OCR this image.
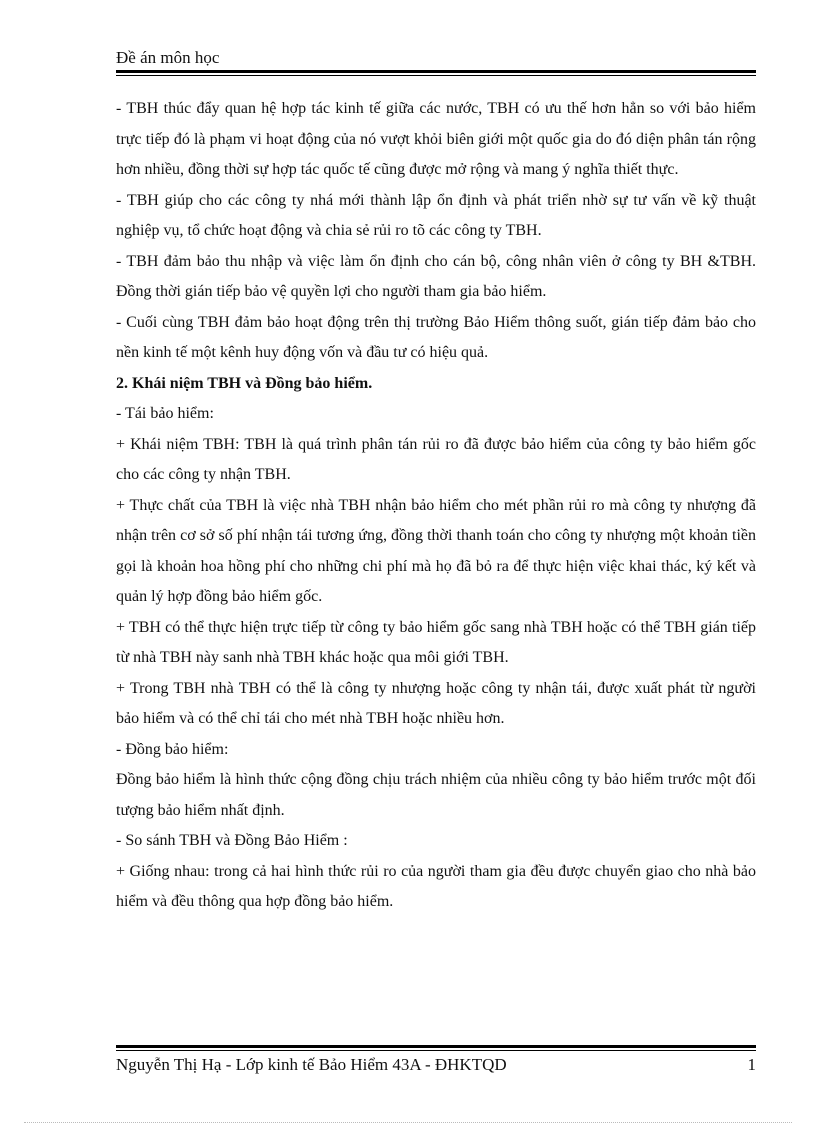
Đề án môn học

- TBH thúc đẩy quan hệ hợp tác kinh tế giữa các nước, TBH có ưu thế hơn hẳn so với bảo hiểm trực tiếp đó là phạm vi hoạt động của nó vượt khỏi biên giới một quốc gia do đó diện phân tán rộng hơn nhiều, đồng thời sự hợp tác quốc tế cũng được mở rộng và mang ý nghĩa thiết thực.

- TBH giúp cho các công ty nhá mới thành lập ổn định và phát triển nhờ sự tư vấn về kỹ thuật nghiệp vụ, tổ chức hoạt động và chia sẻ rủi ro tõ các công ty TBH.

- TBH đảm bảo thu nhập và việc làm ổn định cho cán bộ, công nhân viên ở công ty BH &TBH. Đồng thời gián tiếp bảo vệ quyền lợi cho người tham gia bảo hiểm.

- Cuối cùng TBH đảm bảo hoạt động trên thị trường Bảo Hiểm thông suốt, gián tiếp đảm bảo cho nền kinh tế một kênh huy động vốn và đầu tư có hiệu quả.

2. Khái niệm TBH và Đồng bảo hiểm.

- Tái bảo hiểm:

+ Khái niệm TBH: TBH là quá trình phân tán rủi ro đã được bảo hiểm của công ty bảo hiểm gốc cho các công ty nhận TBH.

+ Thực chất của TBH là việc nhà TBH nhận bảo hiểm cho mét phần rủi ro mà công ty nhượng đã nhận trên cơ sở số phí nhận tái tương ứng, đồng thời thanh toán cho công ty nhượng một khoản tiền gọi là khoản hoa hồng phí cho những chi phí mà họ đã bỏ ra để thực hiện việc khai thác, ký kết và quản lý hợp đồng bảo hiểm gốc.

+ TBH có thể thực hiện trực tiếp từ công ty bảo hiểm gốc sang nhà TBH hoặc có thể TBH gián tiếp từ nhà TBH này sanh nhà TBH khác hoặc qua môi giới TBH.

+ Trong TBH nhà TBH có thể là công ty nhượng hoặc công ty nhận tái, được xuất phát từ người bảo hiểm và có thể chỉ tái cho mét nhà TBH hoặc nhiều hơn.

- Đồng bảo hiểm:

Đồng bảo hiểm là hình thức cộng đồng chịu trách nhiệm của nhiều công ty bảo hiểm trước một đối tượng bảo hiểm nhất định.

- So sánh TBH và Đồng Bảo Hiểm :

+ Giống nhau: trong cả hai hình thức rủi ro của người tham gia đều được chuyển giao cho nhà bảo hiểm và đều thông qua hợp đồng bảo hiểm.

Nguyễn Thị Hạ - Lớp kinh tế Bảo Hiểm 43A - ĐHKTQD	1
